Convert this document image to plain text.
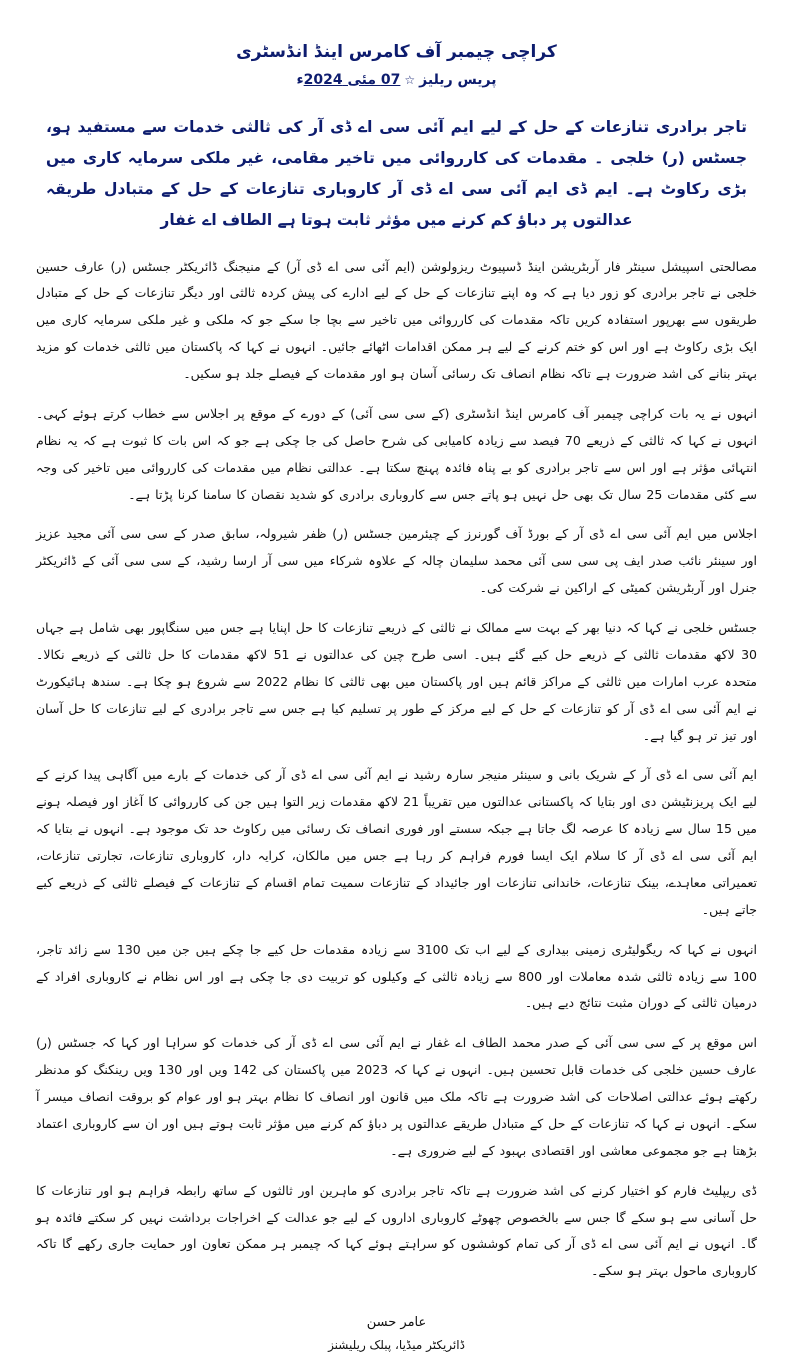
کراچی چیمبر آف کامرس اینڈ انڈسٹری
پریس ریلیز☆07 مئی 2024ء
تاجر برادری تنازعات کے حل کے لیے ایم آئی سی اے ڈی آر کی ثالثی خدمات سے مستفید ہو، جسٹس (ر) خلجی ۔ مقدمات کی کارروائی میں تاخیر مقامی، غیر ملکی سرمایہ کاری میں بڑی رکاوٹ ہے۔ ایم ڈی ایم آئی سی اے ڈی آر کاروباری تنازعات کے حل کے متبادل طریقہ عدالتوں پر دباؤ کم کرنے میں مؤثر ثابت ہوتا ہے الطاف اے غفار

مصالحتی اسپیشل سینٹر فار آربٹریشن اینڈ ڈسپیوٹ ریزولوشن (ایم آئی سی اے ڈی آر) کے منیجنگ ڈائریکٹر جسٹس (ر) عارف حسین خلجی نے تاجر برادری کو زور دیا ہے کہ وہ اپنے تنازعات کے حل کے لیے ادارے کی پیش کردہ ثالثی اور دیگر تنازعات کے حل کے متبادل طریقوں سے بھرپور استفادہ کریں تاکہ مقدمات کی کارروائی میں تاخیر سے بچا جا سکے جو کہ ملکی و غیر ملکی سرمایہ کاری میں ایک بڑی رکاوٹ ہے اور اس کو ختم کرنے کے لیے ہر ممکن اقدامات اٹھائے جائیں۔ انہوں نے کہا کہ پاکستان میں ثالثی خدمات کو مزید بہتر بنانے کی اشد ضرورت ہے تاکہ نظام انصاف تک رسائی آسان ہو اور مقدمات کے فیصلے جلد ہو سکیں۔

انہوں نے یہ بات کراچی چیمبر آف کامرس اینڈ انڈسٹری (کے سی سی آئی) کے دورے کے موقع پر اجلاس سے خطاب کرتے ہوئے کہی۔ انہوں نے کہا کہ ثالثی کے ذریعے 70 فیصد سے زیادہ کامیابی کی شرح حاصل کی جا چکی ہے جو کہ اس بات کا ثبوت ہے کہ یہ نظام انتہائی مؤثر ہے اور اس سے تاجر برادری کو بے پناہ فائدہ پہنچ سکتا ہے۔ عدالتی نظام میں مقدمات کی کارروائی میں تاخیر کی وجہ سے کئی مقدمات 25 سال تک بھی حل نہیں ہو پاتے جس سے کاروباری برادری کو شدید نقصان کا سامنا کرنا پڑتا ہے۔

اجلاس میں ایم آئی سی اے ڈی آر کے بورڈ آف گورنرز کے چیئرمین جسٹس (ر) ظفر شیرولہ، سابق صدر کے سی سی آئی مجید عزیز اور سینئر نائب صدر ایف پی سی سی آئی محمد سلیمان چالہ کے علاوہ شرکاء میں سی آر ارسا رشید، کے سی سی آئی کے ڈائریکٹر جنرل اور آربٹریشن کمیٹی کے اراکین نے شرکت کی۔

جسٹس خلجی نے کہا کہ دنیا بھر کے بہت سے ممالک نے ثالثی کے ذریعے تنازعات کا حل اپنایا ہے جس میں سنگاپور بھی شامل ہے جہاں 30 لاکھ مقدمات ثالثی کے ذریعے حل کیے گئے ہیں۔ اسی طرح چین کی عدالتوں نے 51 لاکھ مقدمات کا حل ثالثی کے ذریعے نکالا۔ متحدہ عرب امارات میں ثالثی کے مراکز قائم ہیں اور پاکستان میں بھی ثالثی کا نظام 2022 سے شروع ہو چکا ہے۔ سندھ ہائیکورٹ نے ایم آئی سی اے ڈی آر کو تنازعات کے حل کے لیے مرکز کے طور پر تسلیم کیا ہے جس سے تاجر برادری کے لیے تنازعات کا حل آسان اور تیز تر ہو گیا ہے۔

ایم آئی سی اے ڈی آر کے شریک بانی و سینئر منیجر سارہ رشید نے ایم آئی سی اے ڈی آر کی خدمات کے بارے میں آگاہی پیدا کرنے کے لیے ایک پریزنٹیشن دی اور بتایا کہ پاکستانی عدالتوں میں تقریباً 21 لاکھ مقدمات زیر التوا ہیں جن کی کارروائی کا آغاز اور فیصلہ ہونے میں 15 سال سے زیادہ کا عرصہ لگ جاتا ہے جبکہ سستے اور فوری انصاف تک رسائی میں رکاوٹ حد تک موجود ہے۔ انہوں نے بتایا کہ ایم آئی سی اے ڈی آر کا سلام ایک ایسا فورم فراہم کر رہا ہے جس میں مالکان، کرایہ دار، کاروباری تنازعات، تجارتی تنازعات، تعمیراتی معاہدے، بینک تنازعات، خاندانی تنازعات اور جائیداد کے تنازعات سمیت تمام اقسام کے تنازعات کے فیصلے ثالثی کے ذریعے کیے جاتے ہیں۔

انہوں نے کہا کہ ریگولیٹری زمینی بیداری کے لیے اب تک 3100 سے زیادہ مقدمات حل کیے جا چکے ہیں جن میں 130 سے زائد تاجر، 100 سے زیادہ ثالثی شدہ معاملات اور 800 سے زیادہ ثالثی کے وکیلوں کو تربیت دی جا چکی ہے اور اس نظام نے کاروباری افراد کے درمیان ثالثی کے دوران مثبت نتائج دیے ہیں۔

اس موقع پر کے سی سی آئی کے صدر محمد الطاف اے غفار نے ایم آئی سی اے ڈی آر کی خدمات کو سراہا اور کہا کہ جسٹس (ر) عارف حسین خلجی کی خدمات قابل تحسین ہیں۔ انہوں نے کہا کہ 2023 میں پاکستان کی 142 ویں اور 130 ویں رینکنگ کو مدنظر رکھتے ہوئے عدالتی اصلاحات کی اشد ضرورت ہے تاکہ ملک میں قانون اور انصاف کا نظام بہتر ہو اور عوام کو بروقت انصاف میسر آ سکے۔ انہوں نے کہا کہ تنازعات کے حل کے متبادل طریقے عدالتوں پر دباؤ کم کرنے میں مؤثر ثابت ہوتے ہیں اور ان سے کاروباری اعتماد بڑھتا ہے جو مجموعی معاشی اور اقتصادی بہبود کے لیے ضروری ہے۔

ڈی ریپلیٹ فارم کو اختیار کرنے کی اشد ضرورت ہے تاکہ تاجر برادری کو ماہرین اور ثالثوں کے ساتھ رابطہ فراہم ہو اور تنازعات کا حل آسانی سے ہو سکے گا جس سے بالخصوص چھوٹے کاروباری اداروں کے لیے جو عدالت کے اخراجات برداشت نہیں کر سکتے فائدہ ہو گا۔ انہوں نے ایم آئی سی اے ڈی آر کی تمام کوششوں کو سراہتے ہوئے کہا کہ چیمبر ہر ممکن تعاون اور حمایت جاری رکھے گا تاکہ کاروباری ماحول بہتر ہو سکے۔

عامر حسن
ڈائریکٹر میڈیا، پبلک ریلیشنز
